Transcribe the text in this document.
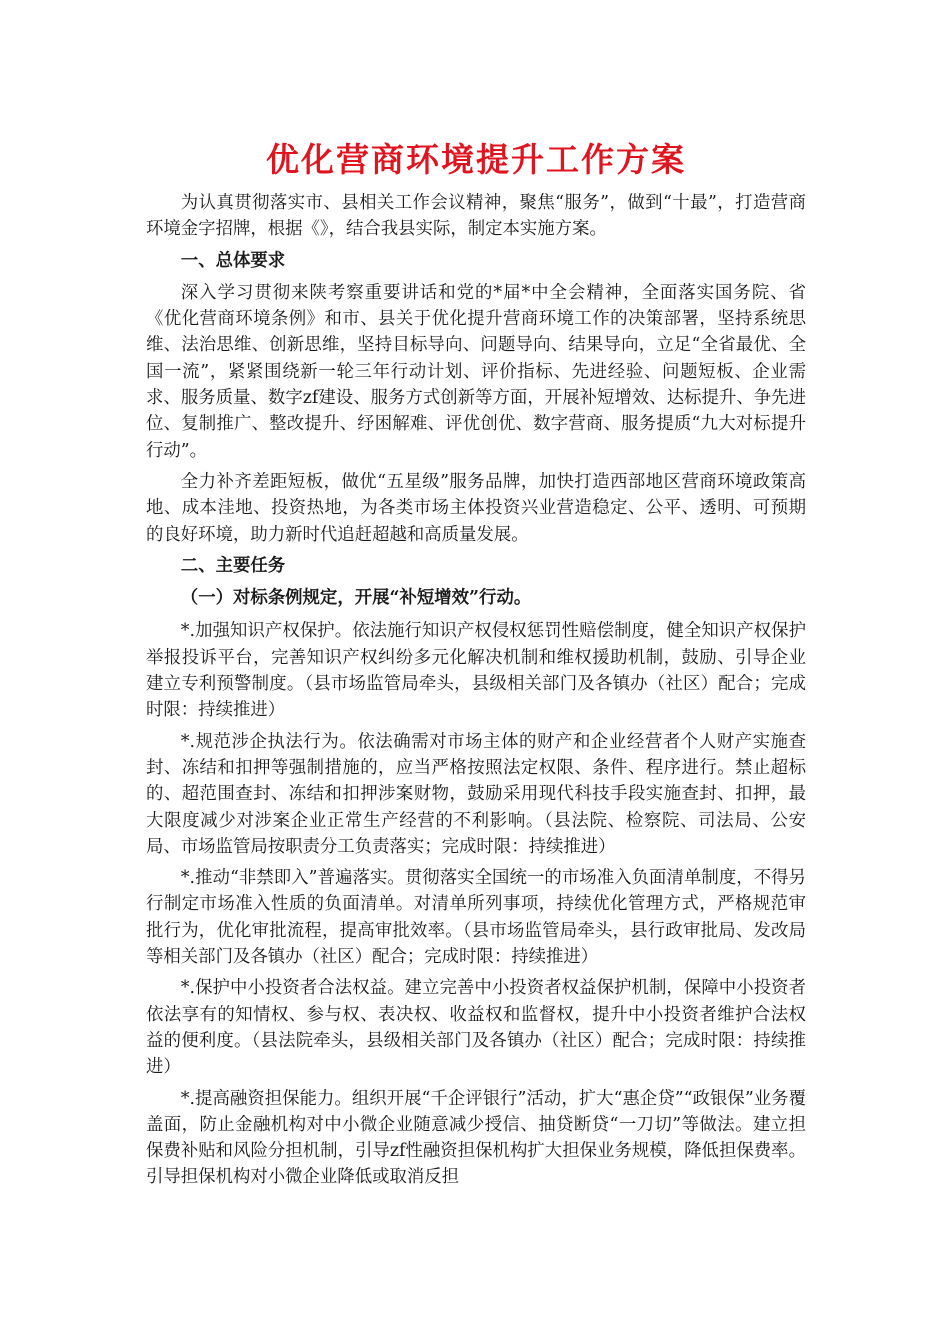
优化营商环境提升工作方案

为认真贯彻落实市、县相关工作会议精神，聚焦“服务”，做到“十最”，打造营商环境金字招牌，根据《》，结合我县实际，制定本实施方案。

一、总体要求

深入学习贯彻来陕考察重要讲话和党的*届*中全会精神，全面落实国务院、省《优化营商环境条例》和市、县关于优化提升营商环境工作的决策部署，坚持系统思维、法治思维、创新思维，坚持目标导向、问题导向、结果导向，立足“全省最优、全国一流”，紧紧围绕新一轮三年行动计划、评价指标、先进经验、问题短板、企业需求、服务质量、数字zf建设、服务方式创新等方面，开展补短增效、达标提升、争先进位、复制推广、整改提升、纾困解难、评优创优、数字营商、服务提质“九大对标提升行动”。

全力补齐差距短板，做优“五星级”服务品牌，加快打造西部地区营商环境政策高地、成本洼地、投资热地，为各类市场主体投资兴业营造稳定、公平、透明、可预期的良好环境，助力新时代追赶超越和高质量发展。

二、主要任务
（一）对标条例规定，开展“补短增效”行动。

*.加强知识产权保护。依法施行知识产权侵权惩罚性赔偿制度，健全知识产权保护举报投诉平台，完善知识产权纠纷多元化解决机制和维权援助机制，鼓励、引导企业建立专利预警制度。（县市场监管局牵头，县级相关部门及各镇办（社区）配合；完成时限：持续推进）

*.规范涉企执法行为。依法确需对市场主体的财产和企业经营者个人财产实施查封、冻结和扣押等强制措施的，应当严格按照法定权限、条件、程序进行。禁止超标的、超范围查封、冻结和扣押涉案财物，鼓励采用现代科技手段实施查封、扣押，最大限度减少对涉案企业正常生产经营的不利影响。（县法院、检察院、司法局、公安局、市场监管局按职责分工负责落实；完成时限：持续推进）

*.推动“非禁即入”普遍落实。贯彻落实全国统一的市场准入负面清单制度，不得另行制定市场准入性质的负面清单。对清单所列事项，持续优化管理方式，严格规范审批行为，优化审批流程，提高审批效率。（县市场监管局牵头，县行政审批局、发改局等相关部门及各镇办（社区）配合；完成时限：持续推进）

*.保护中小投资者合法权益。建立完善中小投资者权益保护机制，保障中小投资者依法享有的知情权、参与权、表决权、收益权和监督权，提升中小投资者维护合法权益的便利度。（县法院牵头，县级相关部门及各镇办（社区）配合；完成时限：持续推进）

*.提高融资担保能力。组织开展“千企评银行”活动，扩大“惠企贷”“政银保”业务覆盖面，防止金融机构对中小微企业随意减少授信、抽贷断贷“一刀切”等做法。建立担保费补贴和风险分担机制，引导zf性融资担保机构扩大担保业务规模，降低担保费率。引导担保机构对小微企业降低或取消反担
